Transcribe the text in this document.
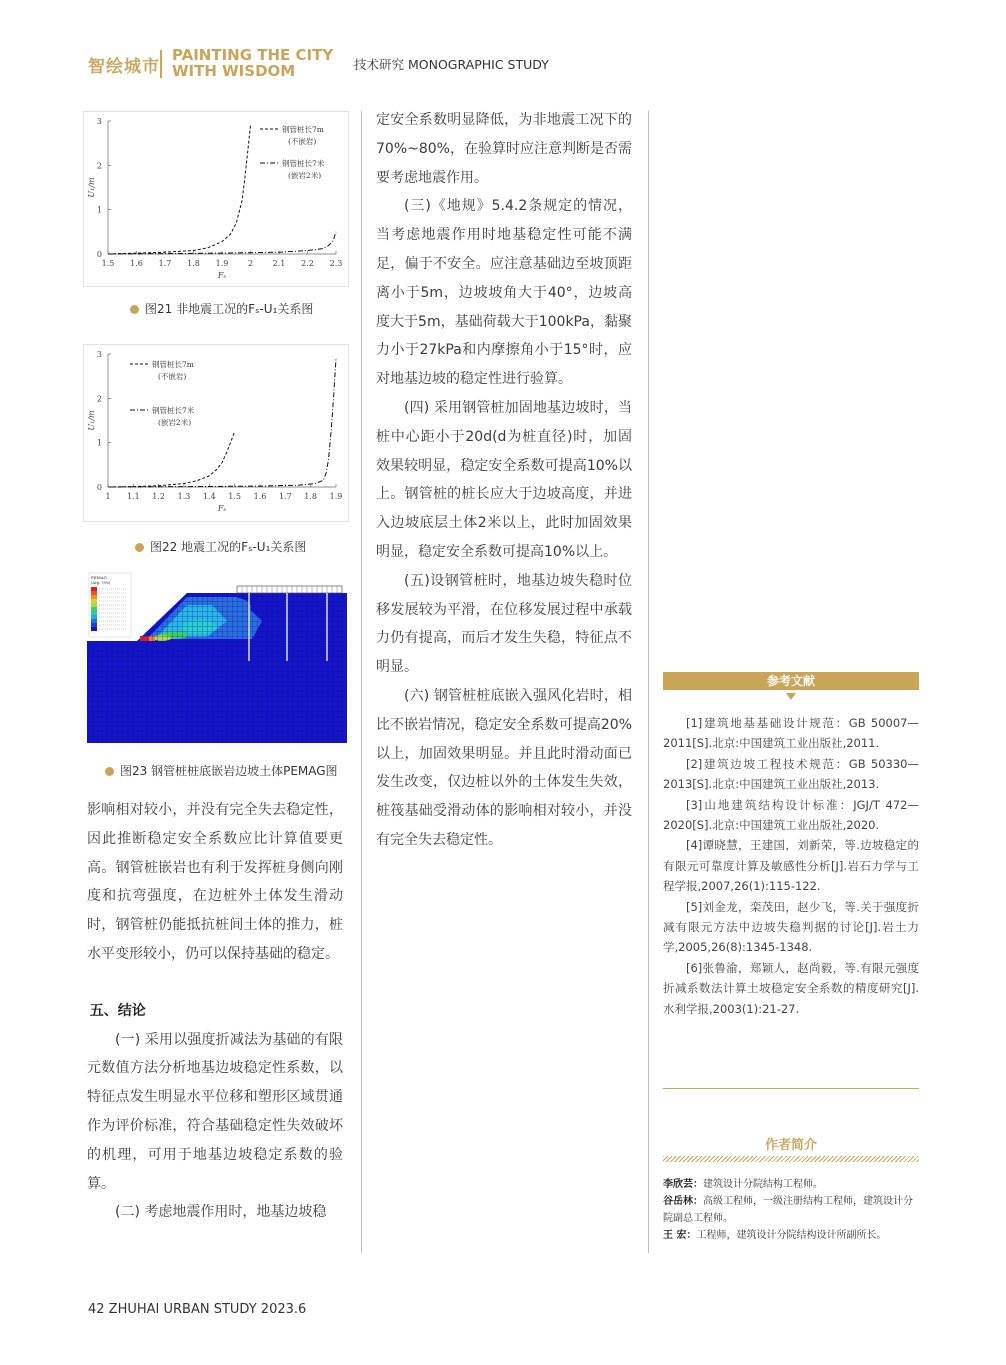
智绘城市
PAINTING THE CITY
WITH WISDOM	技术研究 MONOGRAPHIC STUDY
0
1
2
3
1.5 1.6 1.7 1.8 1.9 2 2.1 2.2 2.3
Fₛ
U₁/m
钢管桩长7m
(不嵌岩)
钢管桩长7米
(嵌岩2米)
图21 非地震工况的Fₛ-U₁关系图
0
1
2
3
1 1.1 1.2 1.3 1.4 1.5 1.6 1.7 1.8 1.9
Fₛ
U₁/m
钢管桩长7m
(不嵌岩)
钢管桩长7米
(嵌岩2米)
图22 地震工况的Fₛ-U₁关系图
PEMAG
(Avg: 75%)
图23 钢管桩桩底嵌岩边坡土体PEMAG图

影响相对较小，并没有完全失去稳定性，因此推断稳定安全系数应比计算值要更高。钢管桩嵌岩也有利于发挥桩身侧向刚度和抗弯强度，在边桩外土体发生滑动时，钢管桩仍能抵抗桩间土体的推力，桩水平变形较小，仍可以保持基础的稳定。

五、结论

(一) 采用以强度折减法为基础的有限元数值方法分析地基边坡稳定性系数，以特征点发生明显水平位移和塑形区域贯通作为评价标准，符合基础稳定性失效破坏的机理，可用于地基边坡稳定系数的验算。

(二) 考虑地震作用时，地基边坡稳

定安全系数明显降低，为非地震工况下的70%~80%，在验算时应注意判断是否需要考虑地震作用。

(三)《地规》5.4.2条规定的情况，当考虑地震作用时地基稳定性可能不满足，偏于不安全。应注意基础边至坡顶距离小于5m，边坡坡角大于40°，边坡高度大于5m，基础荷载大于100kPa，黏聚力小于27kPa和内摩擦角小于15°时，应对地基边坡的稳定性进行验算。

(四) 采用钢管桩加固地基边坡时，当桩中心距小于20d(d为桩直径)时，加固效果较明显，稳定安全系数可提高10%以上。钢管桩的桩长应大于边坡高度，并进入边坡底层土体2米以上，此时加固效果明显，稳定安全系数可提高10%以上。

(五)设钢管桩时，地基边坡失稳时位移发展较为平滑，在位移发展过程中承载力仍有提高，而后才发生失稳，特征点不明显。

(六) 钢管桩桩底嵌入强风化岩时，相比不嵌岩情况，稳定安全系数可提高20%以上，加固效果明显。并且此时滑动面已发生改变，仅边桩以外的土体发生失效，桩筏基础受滑动体的影响相对较小，并没有完全失去稳定性。

参考文献

[1]建筑地基基础设计规范：GB 50007—2011[S].北京:中国建筑工业出版社,2011.

[2]建筑边坡工程技术规范：GB 50330—2013[S].北京:中国建筑工业出版社,2013.

[3]山地建筑结构设计标准：JGJ/T 472—2020[S].北京:中国建筑工业出版社,2020.

[4]谭晓慧，王建国，刘新荣，等.边坡稳定的有限元可靠度计算及敏感性分析[J].岩石力学与工程学报,2007,26(1):115-122.

[5]刘金龙，栾茂田，赵少飞，等.关于强度折减有限元方法中边坡失稳判据的讨论[J].岩土力学,2005,26(8):1345-1348.

[6]张鲁渝，郑颖人，赵尚毅，等.有限元强度折减系数法计算土坡稳定安全系数的精度研究[J].水利学报,2003(1):21-27.

作者简介

李欣芸：建筑设计分院结构工程师。

谷岳林：高级工程师，一级注册结构工程师，建筑设计分院副总工程师。

王 宏：工程师，建筑设计分院结构设计所副所长。

42 ZHUHAI URBAN STUDY 2023.6
